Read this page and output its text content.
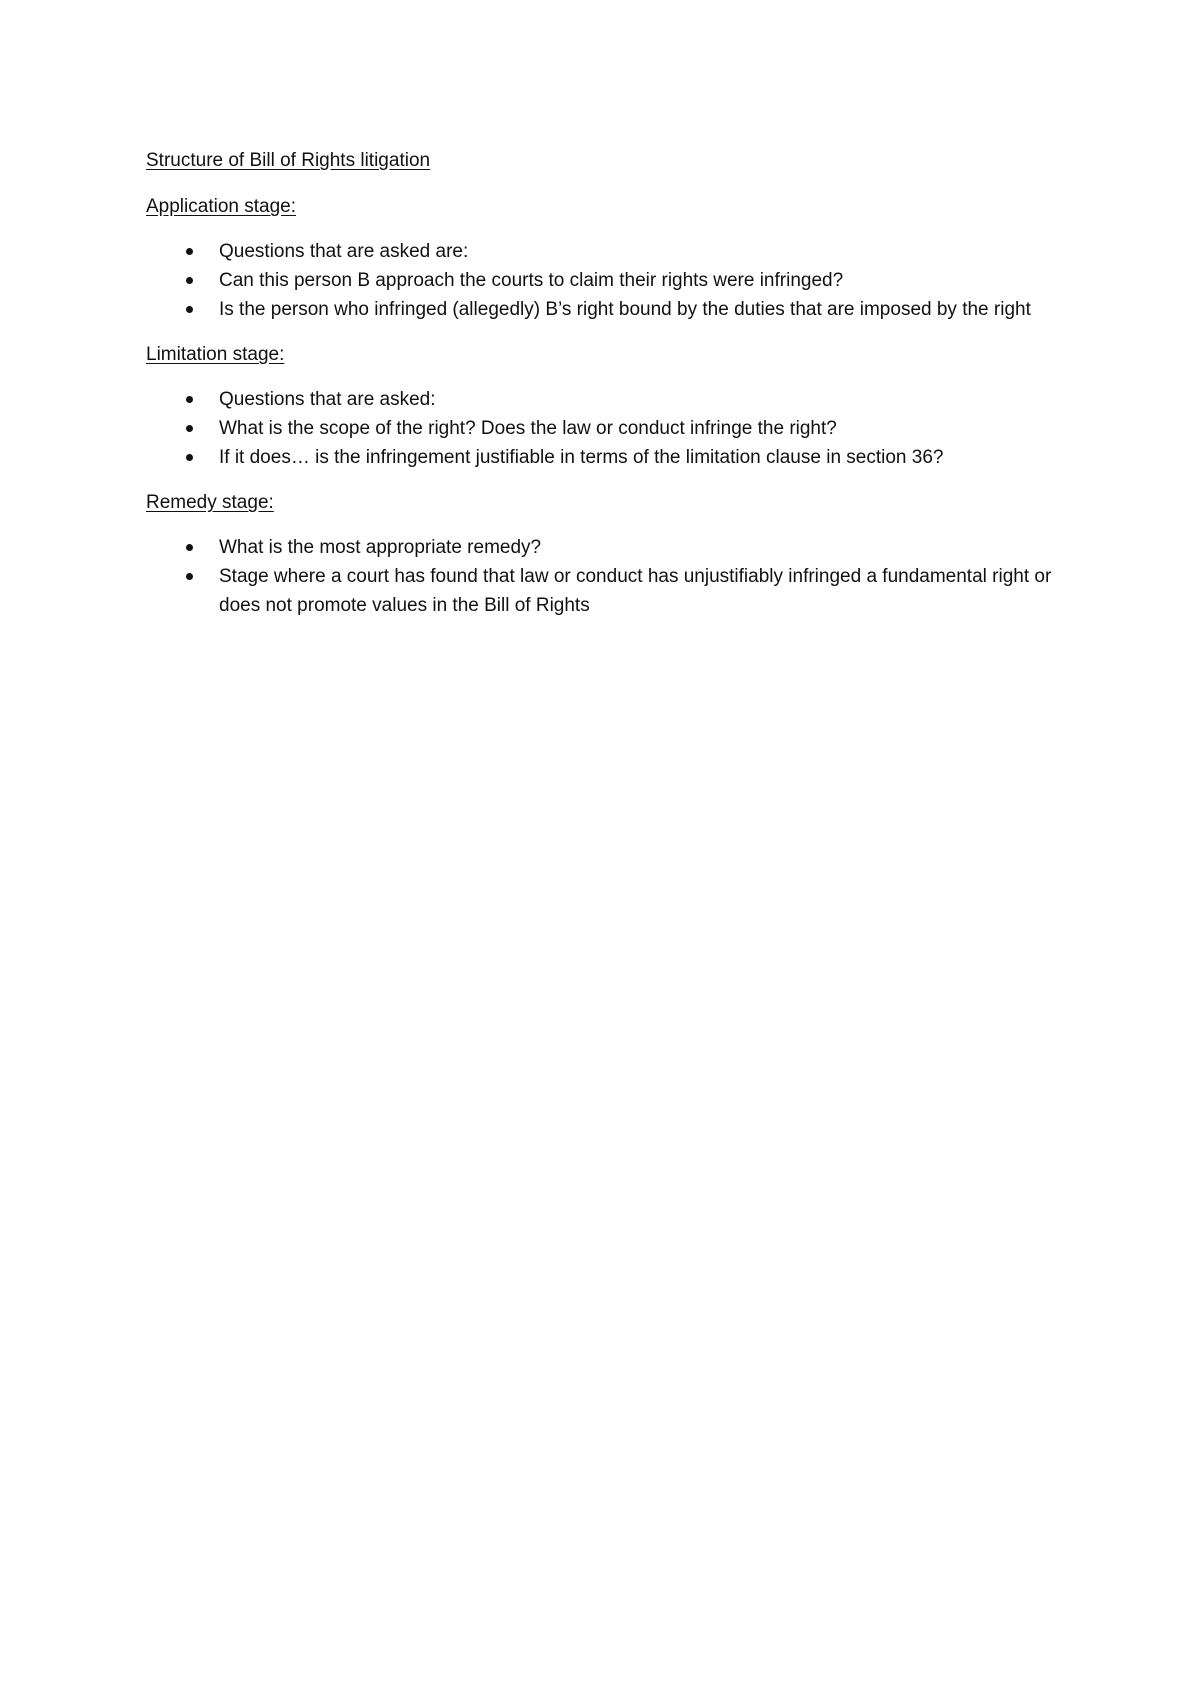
Structure of Bill of Rights litigation
Application stage:
Questions that are asked are:
Can this person B approach the courts to claim their rights were infringed?
Is the person who infringed (allegedly) B’s right bound by the duties that are imposed by the right
Limitation stage:
Questions that are asked:
What is the scope of the right? Does the law or conduct infringe the right?
If it does… is the infringement justifiable in terms of the limitation clause in section 36?
Remedy stage:
What is the most appropriate remedy?
Stage where a court has found that law or conduct has unjustifiably infringed a fundamental right or does not promote values in the Bill of Rights
